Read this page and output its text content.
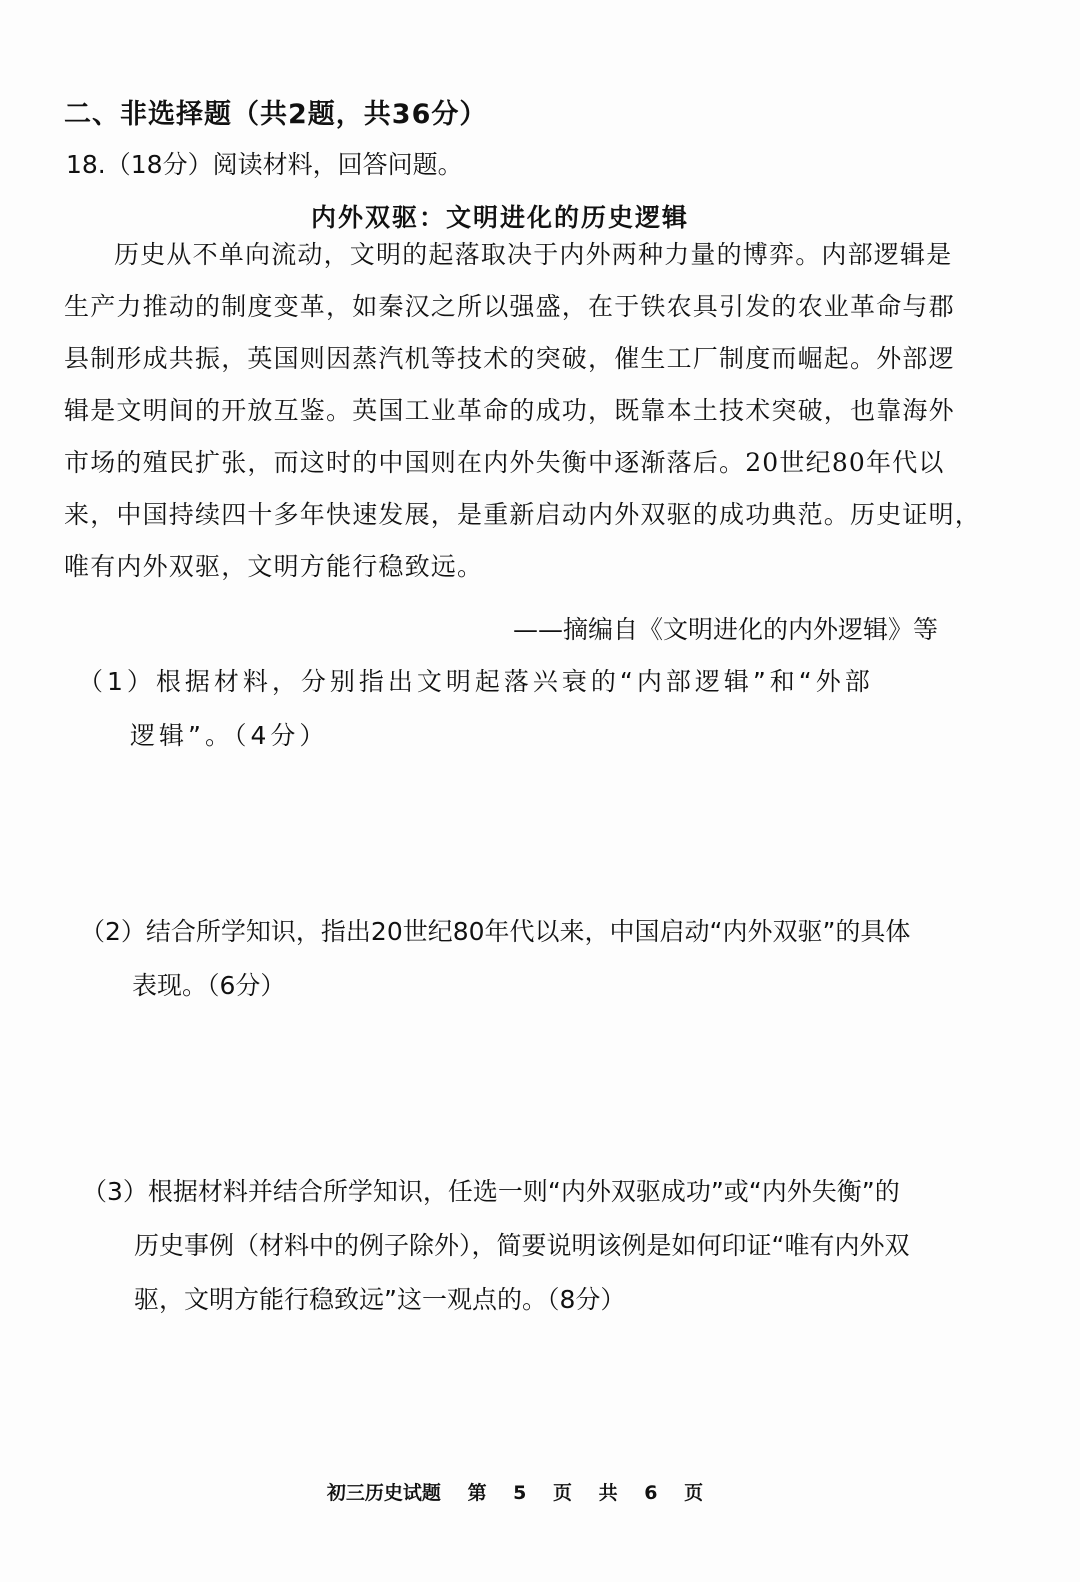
二、非选择题（共2题，共36分）
18.（18分）阅读材料，回答问题。
内外双驱：文明进化的历史逻辑
历史从不单向流动，文明的起落取决于内外两种力量的博弈。内部逻辑是
生产力推动的制度变革，如秦汉之所以强盛，在于铁农具引发的农业革命与郡
县制形成共振，英国则因蒸汽机等技术的突破，催生工厂制度而崛起。外部逻
辑是文明间的开放互鉴。英国工业革命的成功，既靠本土技术突破，也靠海外
市场的殖民扩张，而这时的中国则在内外失衡中逐渐落后。20世纪80年代以
来，中国持续四十多年快速发展，是重新启动内外双驱的成功典范。历史证明，
唯有内外双驱，文明方能行稳致远。
——摘编自《文明进化的内外逻辑》等
（1）根据材料，分别指出文明起落兴衰的“内部逻辑”和“外部
逻辑”。（4分）
（2）结合所学知识，指出20世纪80年代以来，中国启动“内外双驱”的具体
表现。（6分）
（3）根据材料并结合所学知识，任选一则“内外双驱成功”或“内外失衡”的
历史事例（材料中的例子除外），简要说明该例是如何印证“唯有内外双
驱，文明方能行稳致远”这一观点的。（8分）
初三历史试题 第 5 页 共 6 页
